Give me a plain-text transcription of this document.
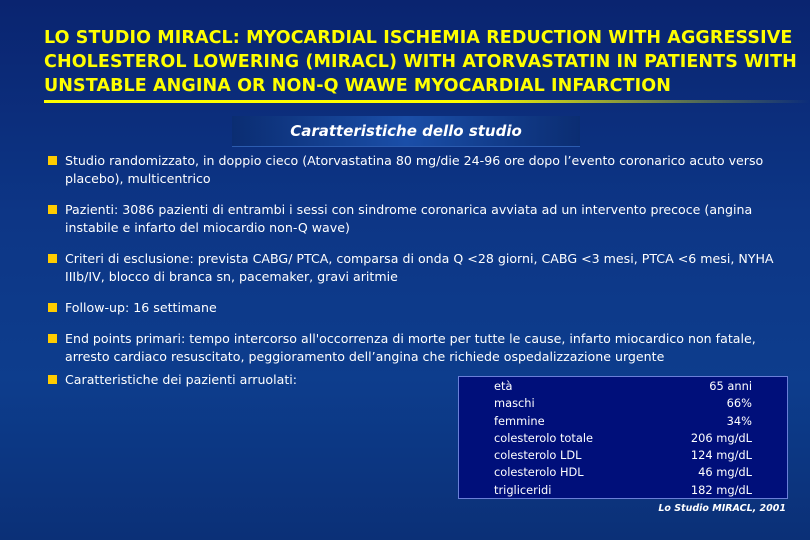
LO STUDIO MIRACL: MYOCARDIAL ISCHEMIA REDUCTION WITH AGGRESSIVE CHOLESTEROL LOWERING (MIRACL) WITH ATORVASTATIN IN PATIENTS WITH UNSTABLE ANGINA OR NON-Q WAWE MYOCARDIAL INFARCTION
Caratteristiche dello studio
Studio randomizzato, in doppio cieco (Atorvastatina 80 mg/die 24-96 ore dopo l’evento coronarico acuto verso placebo), multicentrico
Pazienti: 3086 pazienti di entrambi i sessi con sindrome coronarica avviata ad un intervento precoce (angina instabile e infarto del miocardio non-Q wave)
Criteri di esclusione: prevista CABG/ PTCA, comparsa di onda Q <28 giorni, CABG <3 mesi, PTCA <6 mesi, NYHA IIIb/IV, blocco di branca sn, pacemaker, gravi aritmie
Follow-up: 16 settimane
End points primari: tempo intercorso all'occorrenza di morte per tutte le cause, infarto miocardico non fatale, arresto cardiaco resuscitato, peggioramento dell’angina che richiede ospedalizzazione urgente
Caratteristiche dei pazienti arruolati:	età	65 anni
maschi	66%
femmine	34%
colesterolo totale	206 mg/dL
colesterolo LDL	124 mg/dL
colesterolo HDL	46 mg/dL
trigliceridi	182 mg/dL
Lo Studio MIRACL, 2001
